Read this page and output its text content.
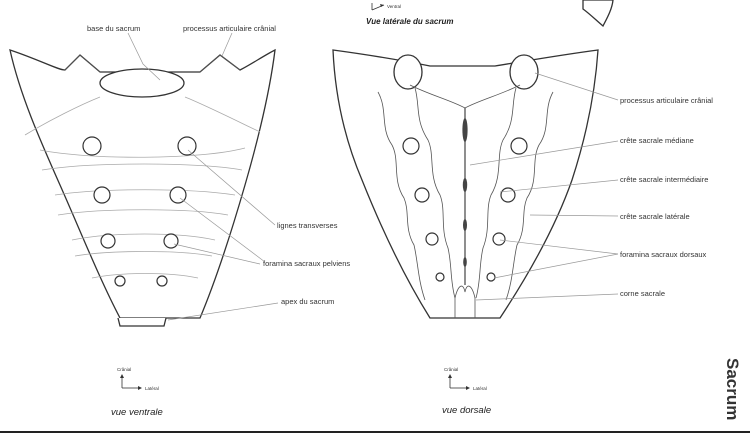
Ventral
Vue latérale du sacrum
base du sacrum	processus articulaire crânial
lignes transverses
foramina sacraux pelviens
apex du sacrum
Crânial
Latéral
vue ventrale
processus articulaire crânial
crête sacrale médiane
crête sacrale intermédiaire
crête sacrale latérale
foramina sacraux dorsaux
corne sacrale
Crânial
Latéral
vue dorsale	Sacrum
